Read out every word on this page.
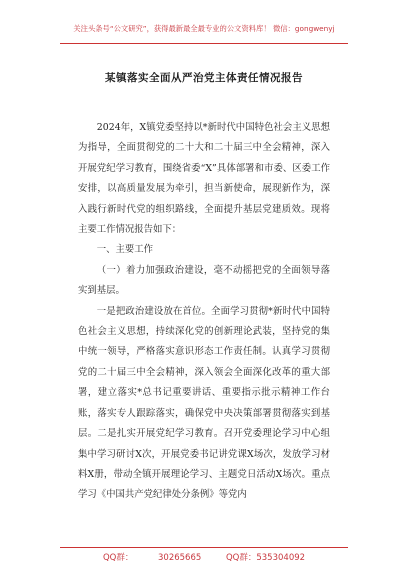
关注头条号“公文研究”，获得最新最全最专业的公文资料库！ 微信：gongwenyj
某镇落实全面从严治党主体责任情况报告

2024年，X镇党委坚持以*新时代中国特色社会主义思想为指导，全面贯彻党的二十大和二十届三中全会精神，深入开展党纪学习教育，围绕省委“X”具体部署和市委、区委工作安排，以高质量发展为牵引，担当新使命，展现新作为，深入践行新时代党的组织路线，全面提升基层党建质效。现将主要工作情况报告如下：

一、主要工作

（一）着力加强政治建设，毫不动摇把党的全面领导落实到基层。

一是把政治建设放在首位。全面学习贯彻*新时代中国特色社会主义思想，持续深化党的创新理论武装，坚持党的集中统一领导，严格落实意识形态工作责任制。认真学习贯彻党的二十届三中全会精神，深入领会全面深化改革的重大部署，建立落实*总书记重要讲话、重要指示批示精神工作台账，落实专人跟踪落实，确保党中央决策部署贯彻落实到基层。二是扎实开展党纪学习教育。召开党委理论学习中心组集中学习研讨X次，开展党委书记讲党课X场次，发放学习材料X册，带动全镇开展理论学习、主题党日活动X场次。重点学习《中国共产党纪律处分条例》等党内

QQ群： 30265665 QQ群：535304092
